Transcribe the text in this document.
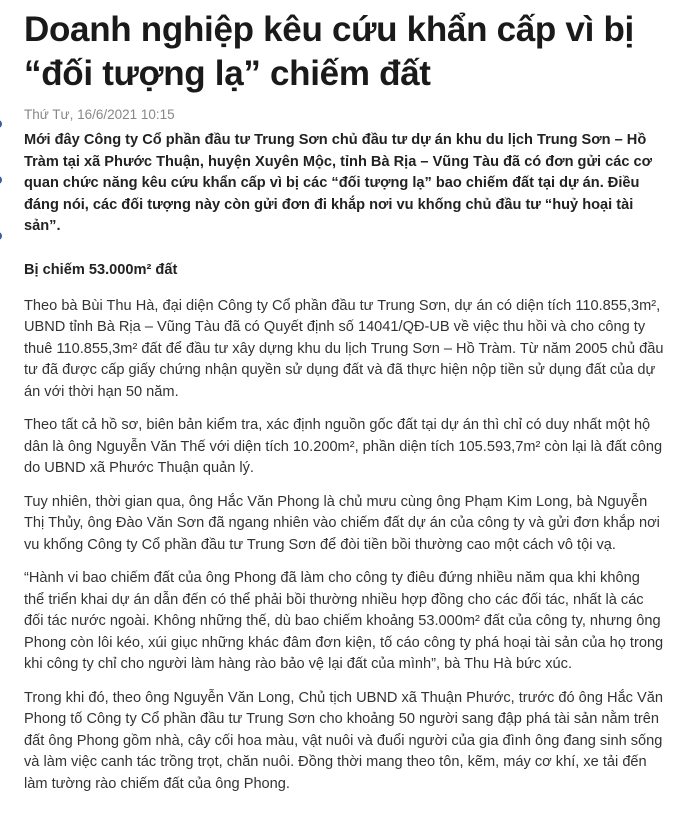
Doanh nghiệp kêu cứu khẩn cấp vì bị “đối tượng lạ” chiếm đất
Thứ Tư, 16/6/2021 10:15

Mới đây Công ty Cổ phần đầu tư Trung Sơn chủ đầu tư dự án khu du lịch Trung Sơn – Hồ Tràm tại xã Phước Thuận, huyện Xuyên Mộc, tỉnh Bà Rịa – Vũng Tàu đã có đơn gửi các cơ quan chức năng kêu cứu khẩn cấp vì bị các “đối tượng lạ” bao chiếm đất tại dự án. Điều đáng nói, các đối tượng này còn gửi đơn đi khắp nơi vu khống chủ đầu tư “huỷ hoại tài sản”.

Bị chiếm 53.000m² đất

Theo bà Bùi Thu Hà, đại diện Công ty Cổ phần đầu tư Trung Sơn, dự án có diện tích 110.855,3m², UBND tỉnh Bà Rịa – Vũng Tàu đã có Quyết định số 14041/QĐ-UB về việc thu hồi và cho công ty thuê 110.855,3m² đất để đầu tư xây dựng khu du lịch Trung Sơn – Hồ Tràm. Từ năm 2005 chủ đầu tư đã được cấp giấy chứng nhận quyền sử dụng đất và đã thực hiện nộp tiền sử dụng đất của dự án với thời hạn 50 năm.

Theo tất cả hồ sơ, biên bản kiểm tra, xác định nguồn gốc đất tại dự án thì chỉ có duy nhất một hộ dân là ông Nguyễn Văn Thế với diện tích 10.200m², phần diện tích 105.593,7m² còn lại là đất công do UBND xã Phước Thuận quản lý.

Tuy nhiên, thời gian qua, ông Hắc Văn Phong là chủ mưu cùng ông Phạm Kim Long, bà Nguyễn Thị Thủy, ông Đào Văn Sơn đã ngang nhiên vào chiếm đất dự án của công ty và gửi đơn khắp nơi vu khống Công ty Cổ phần đầu tư Trung Sơn để đòi tiền bồi thường cao một cách vô tội vạ.

“Hành vi bao chiếm đất của ông Phong đã làm cho công ty điêu đứng nhiều năm qua khi không thể triển khai dự án dẫn đến có thể phải bồi thường nhiều hợp đồng cho các đối tác, nhất là các đối tác nước ngoài. Không những thế, dù bao chiếm khoảng 53.000m² đất của công ty, nhưng ông Phong còn lôi kéo, xúi giục những khác đâm đơn kiện, tố cáo công ty phá hoại tài sản của họ trong khi công ty chỉ cho người làm hàng rào bảo vệ lại đất của mình”, bà Thu Hà bức xúc.

Trong khi đó, theo ông Nguyễn Văn Long, Chủ tịch UBND xã Thuận Phước, trước đó ông Hắc Văn Phong tố Công ty Cổ phần đầu tư Trung Sơn cho khoảng 50 người sang đập phá tài sản nằm trên đất ông Phong gồm nhà, cây cối hoa màu, vật nuôi và đuổi người của gia đình ông đang sinh sống và làm việc canh tác trồng trọt, chăn nuôi. Đồng thời mang theo tôn, kẽm, máy cơ khí, xe tải đến làm tường rào chiếm đất của ông Phong.
